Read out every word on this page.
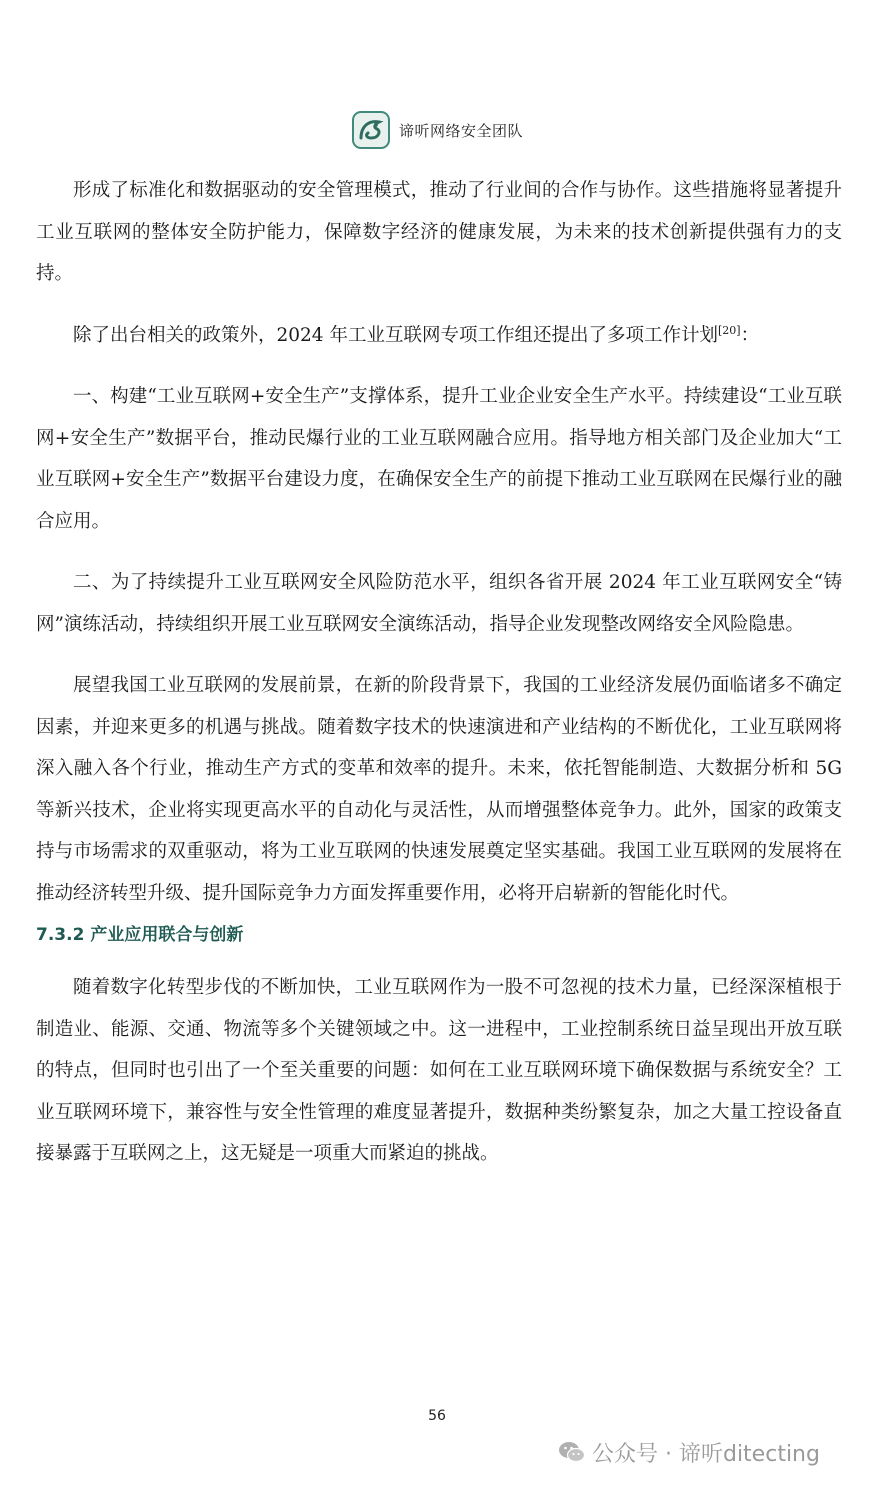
谛听网络安全团队

形成了标准化和数据驱动的安全管理模式，推动了行业间的合作与协作。这些措施将显著提升工业互联网的整体安全防护能力，保障数字经济的健康发展，为未来的技术创新提供强有力的支持。

除了出台相关的政策外，2024 年工业互联网专项工作组还提出了多项工作计划[20]：

一、构建“工业互联网+安全生产”支撑体系，提升工业企业安全生产水平。持续建设“工业互联网+安全生产”数据平台，推动民爆行业的工业互联网融合应用。指导地方相关部门及企业加大“工业互联网+安全生产”数据平台建设力度，在确保安全生产的前提下推动工业互联网在民爆行业的融合应用。

二、为了持续提升工业互联网安全风险防范水平，组织各省开展 2024 年工业互联网安全“铸网”演练活动，持续组织开展工业互联网安全演练活动，指导企业发现整改网络安全风险隐患。

展望我国工业互联网的发展前景，在新的阶段背景下，我国的工业经济发展仍面临诸多不确定因素，并迎来更多的机遇与挑战。随着数字技术的快速演进和产业结构的不断优化，工业互联网将深入融入各个行业，推动生产方式的变革和效率的提升。未来，依托智能制造、大数据分析和 5G 等新兴技术，企业将实现更高水平的自动化与灵活性，从而增强整体竞争力。此外，国家的政策支持与市场需求的双重驱动，将为工业互联网的快速发展奠定坚实基础。我国工业互联网的发展将在推动经济转型升级、提升国际竞争力方面发挥重要作用，必将开启崭新的智能化时代。

7.3.2 产业应用联合与创新

随着数字化转型步伐的不断加快，工业互联网作为一股不可忽视的技术力量，已经深深植根于制造业、能源、交通、物流等多个关键领域之中。这一进程中，工业控制系统日益呈现出开放互联的特点，但同时也引出了一个至关重要的问题：如何在工业互联网环境下确保数据与系统安全？工业互联网环境下，兼容性与安全性管理的难度显著提升，数据种类纷繁复杂，加之大量工控设备直接暴露于互联网之上，这无疑是一项重大而紧迫的挑战。

56
公众号 · 谛听ditecting
